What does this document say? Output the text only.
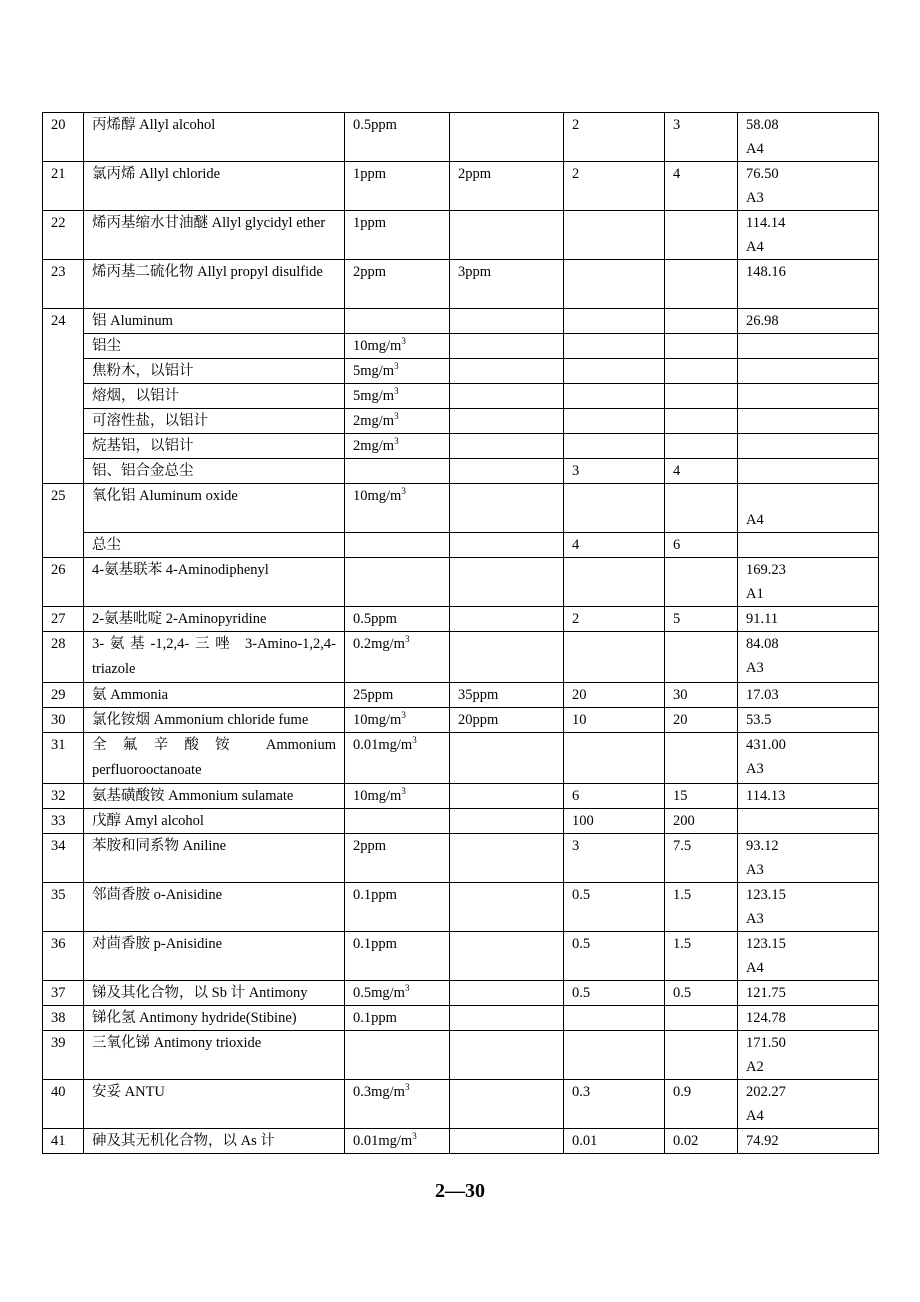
20	丙烯醇 Allyl alcohol	0.5ppm		2	3	58.08
A4

21	氯丙烯 Allyl chloride	1ppm	2ppm	2	4	76.50
A3

22	烯丙基缩水甘油醚 Allyl glycidyl ether	1ppm				114.14
A4

23	烯丙基二硫化物 Allyl propyl disulfide	2ppm	3ppm			148.16

24	铝 Aluminum					26.98

	铝尘	$10mg/m^3$				

	焦粉木，以铝计	$5mg/m^3$				

	熔烟，以铝计	$5mg/m^3$				

	可溶性盐，以铝计	$2mg/m^3$				

	烷基铝，以铝计	$2mg/m^3$				

	铝、铝合金总尘			3	4	

25	氧化铝 Aluminum oxide	$10mg/m^3$				A4

	总尘			4	6	

26	4-氨基联苯 4-Aminodiphenyl					169.23
A1

27	2-氨基吡啶 2-Aminopyridine	0.5ppm		2	5	91.11

28	3-氨基-1,2,4-三唑 3-Amino-1,2,4-triazole	$0.2mg/m^3$				84.08
A3

29	氨 Ammonia	25ppm	35ppm	20	30	17.03

30	氯化铵烟 Ammonium chloride fume	$10mg/m^3$	20ppm	10	20	53.5

31	全氟辛酸铵 Ammonium perfluorooctanoate	$0.01mg/m^3$				431.00
A3

32	氨基磺酸铵 Ammonium sulamate	$10mg/m^3$		6	15	114.13

33	戊醇 Amyl alcohol			100	200	

34	苯胺和同系物 Aniline	2ppm		3	7.5	93.12
A3

35	邻茴香胺 o-Anisidine	0.1ppm		0.5	1.5	123.15
A3

36	对茴香胺 p-Anisidine	0.1ppm		0.5	1.5	123.15
A4

37	锑及其化合物，以 Sb 计 Antimony	$0.5mg/m^3$		0.5	0.5	121.75

38	锑化氢 Antimony hydride(Stibine)	0.1ppm				124.78

39	三氧化锑 Antimony trioxide					171.50
A2

40	安妥 ANTU	$0.3mg/m^3$		0.3	0.9	202.27
A4

41	砷及其无机化合物，以 As 计	$0.01mg/m^3$		0.01	0.02	74.92
2—30
